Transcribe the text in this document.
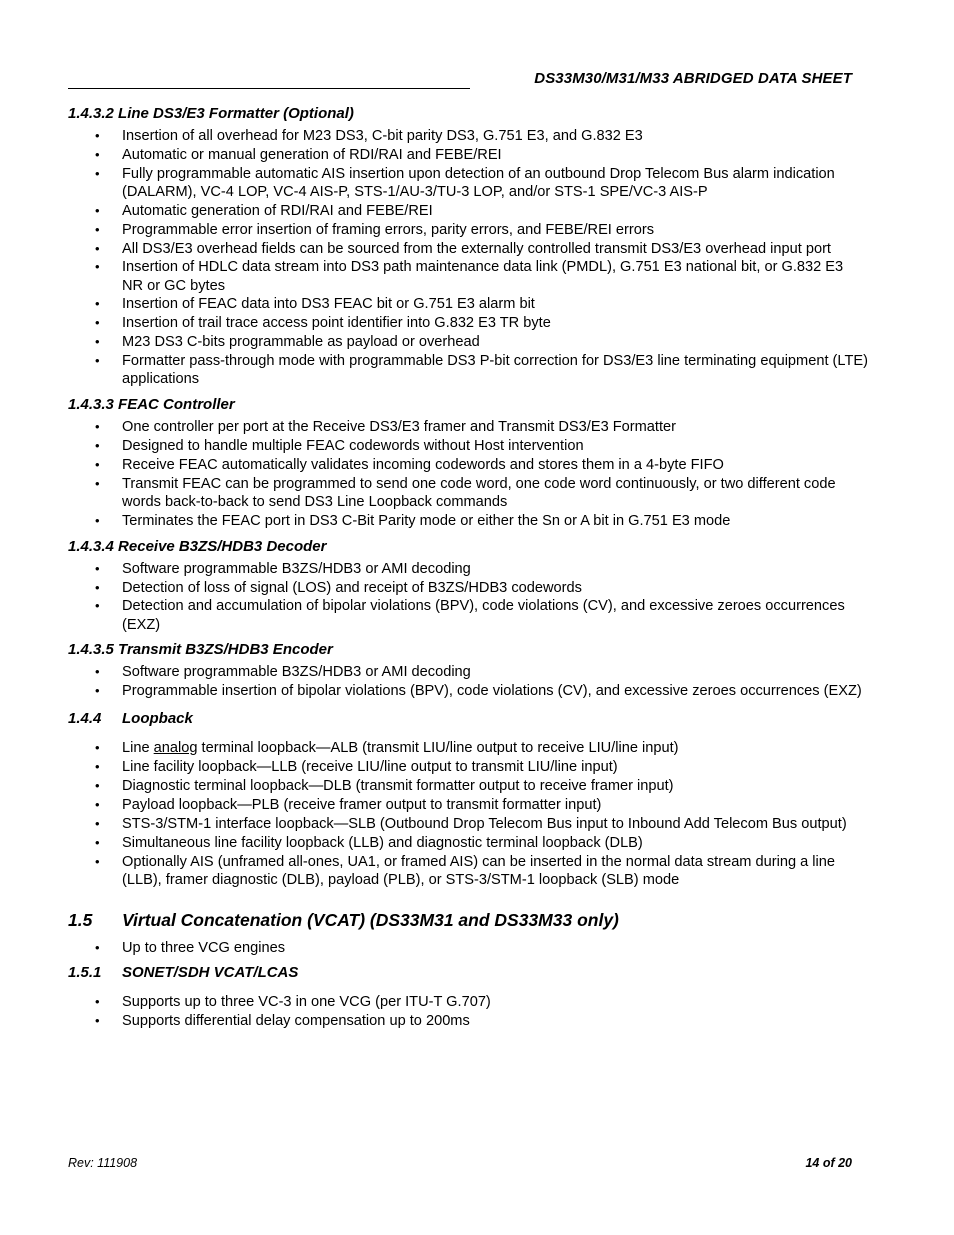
DS33M30/M31/M33 ABRIDGED DATA SHEET
1.4.3.2 Line DS3/E3 Formatter (Optional)
• Insertion of all overhead for M23 DS3, C-bit parity DS3, G.751 E3, and G.832 E3
• Automatic or manual generation of RDI/RAI and FEBE/REI
• Fully programmable automatic AIS insertion upon detection of an outbound Drop Telecom Bus alarm indication (DALARM), VC-4 LOP, VC-4 AIS-P, STS-1/AU-3/TU-3 LOP, and/or STS-1 SPE/VC-3 AIS-P
• Automatic generation of RDI/RAI and FEBE/REI
• Programmable error insertion of framing errors, parity errors, and FEBE/REI errors
• All DS3/E3 overhead fields can be sourced from the externally controlled transmit DS3/E3 overhead input port
• Insertion of HDLC data stream into DS3 path maintenance data link (PMDL), G.751 E3 national bit, or G.832 E3 NR or GC bytes
• Insertion of FEAC data into DS3 FEAC bit or G.751 E3 alarm bit
• Insertion of trail trace access point identifier into G.832 E3 TR byte
• M23 DS3 C-bits programmable as payload or overhead
• Formatter pass-through mode with programmable DS3 P-bit correction for DS3/E3 line terminating equipment (LTE) applications
1.4.3.3 FEAC Controller
• One controller per port at the Receive DS3/E3 framer and Transmit DS3/E3 Formatter
• Designed to handle multiple FEAC codewords without Host intervention
• Receive FEAC automatically validates incoming codewords and stores them in a 4-byte FIFO
• Transmit FEAC can be programmed to send one code word, one code word continuously, or two different code words back-to-back to send DS3 Line Loopback commands
• Terminates the FEAC port in DS3 C-Bit Parity mode or either the Sn or A bit in G.751 E3 mode
1.4.3.4 Receive B3ZS/HDB3 Decoder
• Software programmable B3ZS/HDB3 or AMI decoding
• Detection of loss of signal (LOS) and receipt of B3ZS/HDB3 codewords
• Detection and accumulation of bipolar violations (BPV), code violations (CV), and excessive zeroes occurrences (EXZ)
1.4.3.5 Transmit B3ZS/HDB3 Encoder
• Software programmable B3ZS/HDB3 or AMI decoding
• Programmable insertion of bipolar violations (BPV), code violations (CV), and excessive zeroes occurrences (EXZ)
1.4.4 Loopback
• Line analog terminal loopback—ALB (transmit LIU/line output to receive LIU/line input)
• Line facility loopback—LLB (receive LIU/line output to transmit LIU/line input)
• Diagnostic terminal loopback—DLB (transmit formatter output to receive framer input)
• Payload loopback—PLB (receive framer output to transmit formatter input)
• STS-3/STM-1 interface loopback—SLB (Outbound Drop Telecom Bus input to Inbound Add Telecom Bus output)
• Simultaneous line facility loopback (LLB) and diagnostic terminal loopback (DLB)
• Optionally AIS (unframed all-ones, UA1, or framed AIS) can be inserted in the normal data stream during a line (LLB), framer diagnostic (DLB), payload (PLB), or STS-3/STM-1 loopback (SLB) mode
1.5 Virtual Concatenation (VCAT) (DS33M31 and DS33M33 only)
• Up to three VCG engines
1.5.1 SONET/SDH VCAT/LCAS
• Supports up to three VC-3 in one VCG (per ITU-T G.707)
• Supports differential delay compensation up to 200ms
Rev: 111908	14 of 20
